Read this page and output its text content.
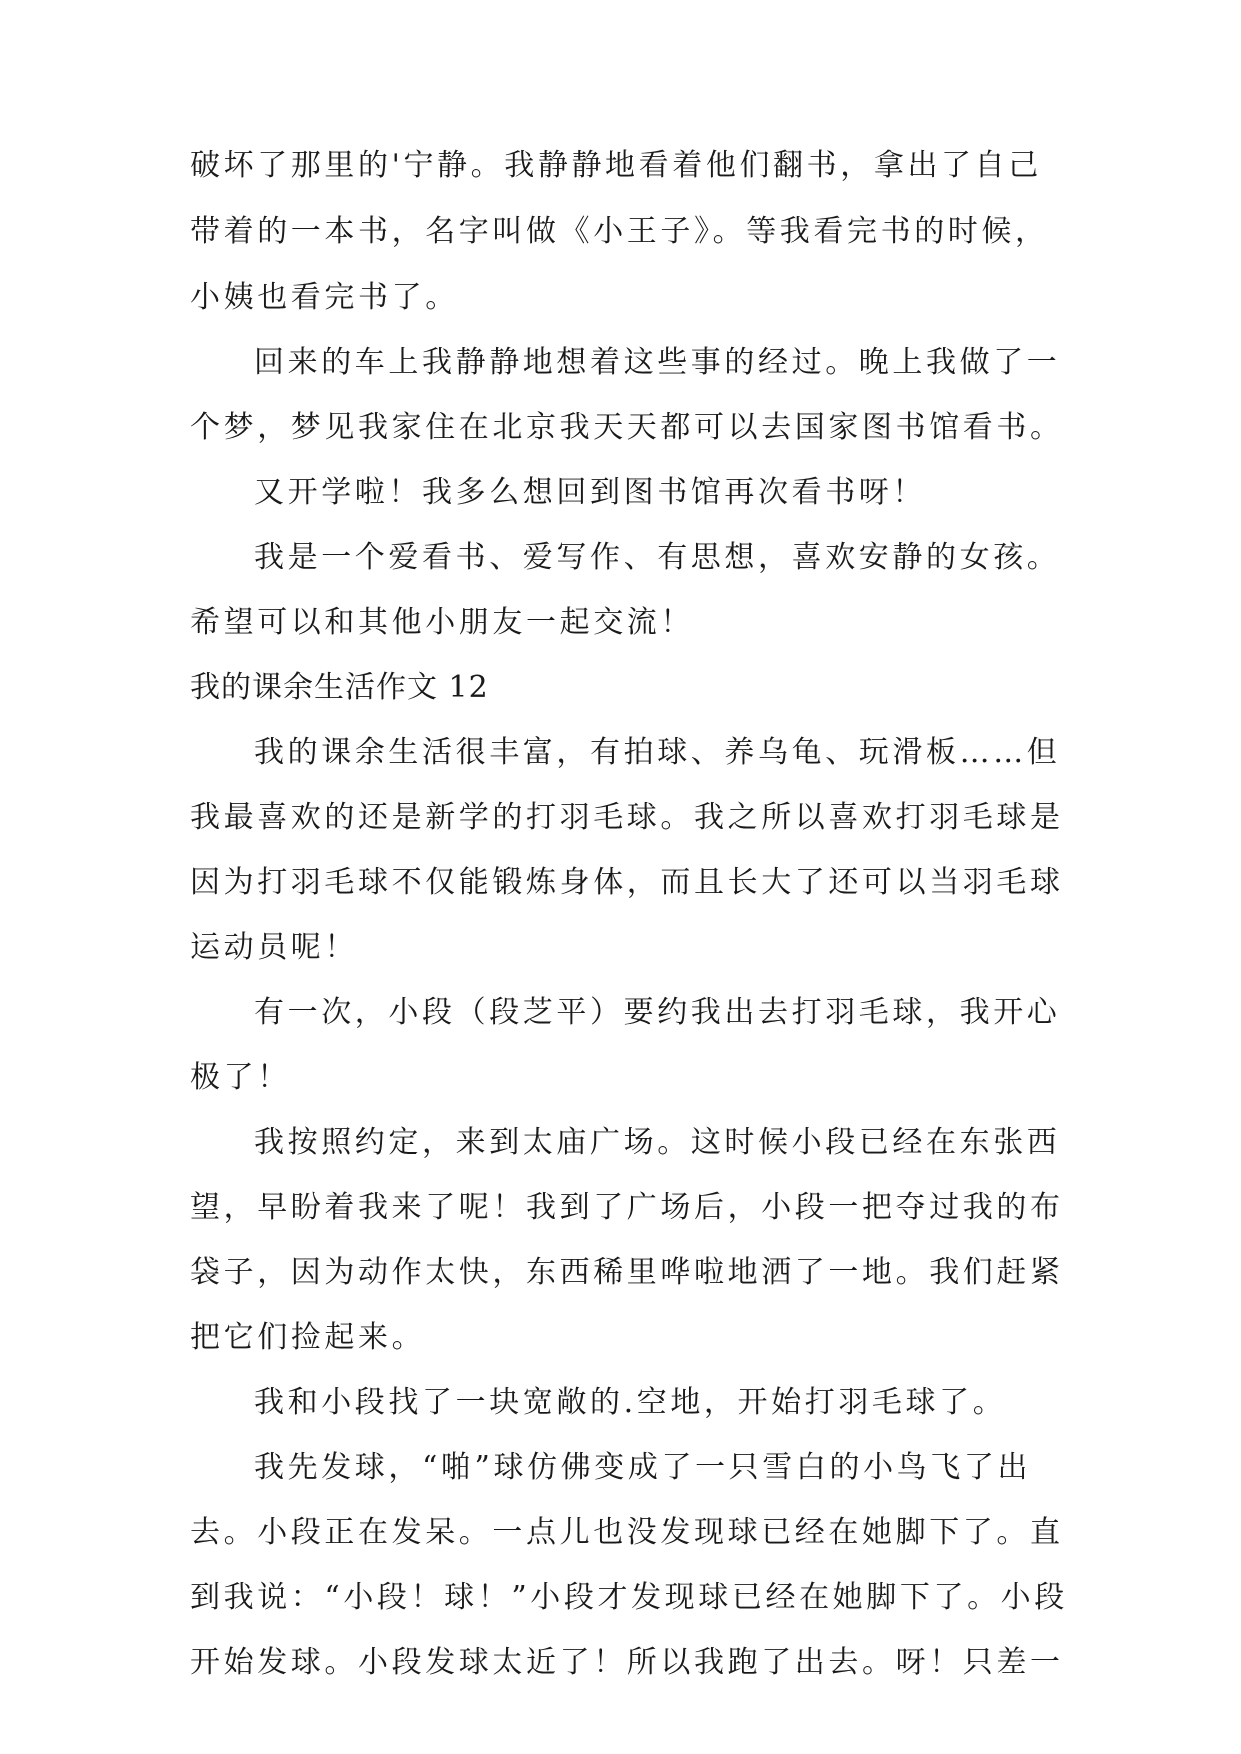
破坏了那里的'宁静。我静静地看着他们翻书，拿出了自己
带着的一本书，名字叫做《小王子》。等我看完书的时候，
小姨也看完书了。
回来的车上我静静地想着这些事的经过。晚上我做了一
个梦，梦见我家住在北京我天天都可以去国家图书馆看书。
又开学啦！我多么想回到图书馆再次看书呀！
我是一个爱看书、爱写作、有思想，喜欢安静的女孩。
希望可以和其他小朋友一起交流！
我的课余生活作文 12
我的课余生活很丰富，有拍球、养乌龟、玩滑板……但
我最喜欢的还是新学的打羽毛球。我之所以喜欢打羽毛球是
因为打羽毛球不仅能锻炼身体，而且长大了还可以当羽毛球
运动员呢！
有一次，小段（段芝平）要约我出去打羽毛球，我开心
极了！
我按照约定，来到太庙广场。这时候小段已经在东张西
望，早盼着我来了呢！我到了广场后，小段一把夺过我的布
袋子，因为动作太快，东西稀里哗啦地洒了一地。我们赶紧
把它们捡起来。
我和小段找了一块宽敞的.空地，开始打羽毛球了。
我先发球，“啪”球仿佛变成了一只雪白的小鸟飞了出
去。小段正在发呆。一点儿也没发现球已经在她脚下了。直
到我说：“小段！球！”小段才发现球已经在她脚下了。小段
开始发球。小段发球太近了！所以我跑了出去。呀！只差一
